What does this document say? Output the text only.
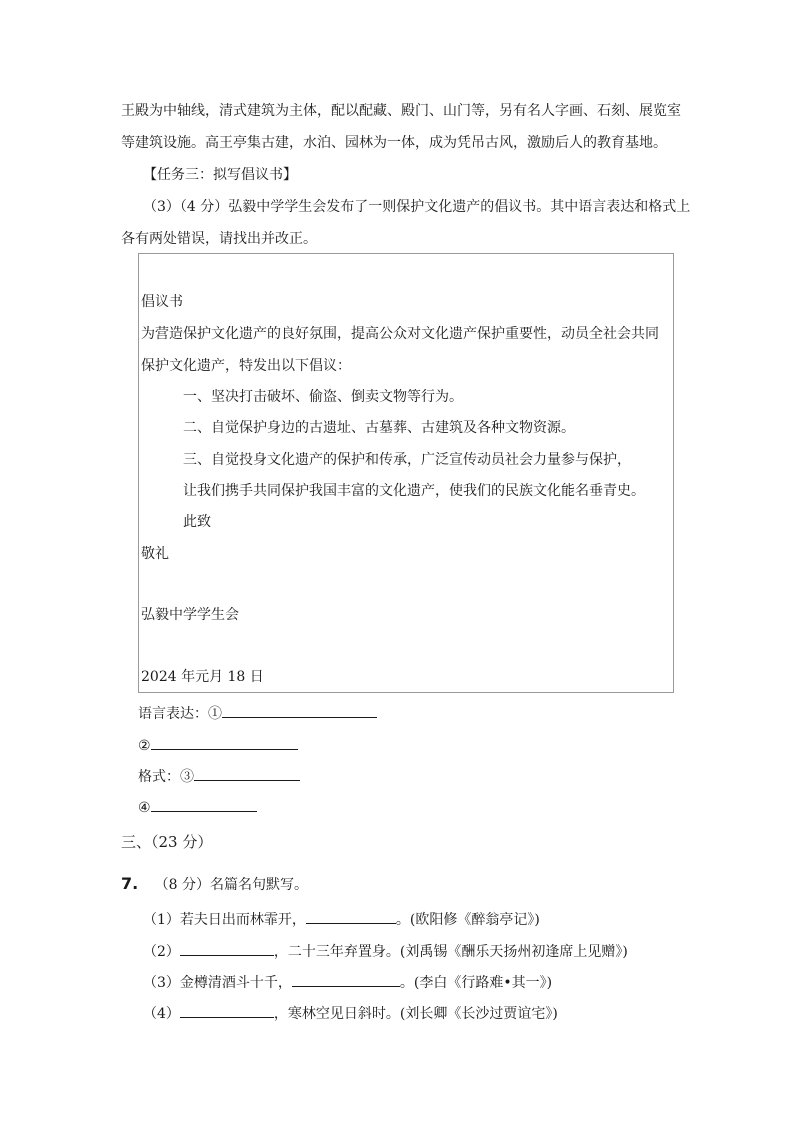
王殿为中轴线，清式建筑为主体，配以配藏、殿门、山门等，另有名人字画、石刻、展览室
等建筑设施。高王亭集古建，水泊、园林为一体，成为凭吊古风，激励后人的教育基地。
【任务三：拟写倡议书】
（3）（4 分）弘毅中学学生会发布了一则保护文化遗产的倡议书。其中语言表达和格式上
各有两处错误，请找出并改正。
倡议书
为营造保护文化遗产的良好氛围，提高公众对文化遗产保护重要性，动员全社会共同
保护文化遗产，特发出以下倡议：
一、坚决打击破坏、偷盗、倒卖文物等行为。
二、自觉保护身边的古遗址、古墓葬、古建筑及各种文物资源。
三、自觉投身文化遗产的保护和传承，广泛宣传动员社会力量参与保护，
让我们携手共同保护我国丰富的文化遗产，使我们的民族文化能名垂青史。
此致
敬礼
弘毅中学学生会
2024 年元月 18 日
语言表达：①
②
格式：③
④
三、（23 分）
7. （8 分）名篇名句默写。
（1）若夫日出而林霏开，	。(欧阳修《醉翁亭记》)
（2）	，二十三年弃置身。(刘禹锡《酬乐天扬州初逢席上见赠》)
（3）金樽清酒斗十千，	。(李白《行路难•其一》)
（4）	，寒林空见日斜时。(刘长卿《长沙过贾谊宅》)
